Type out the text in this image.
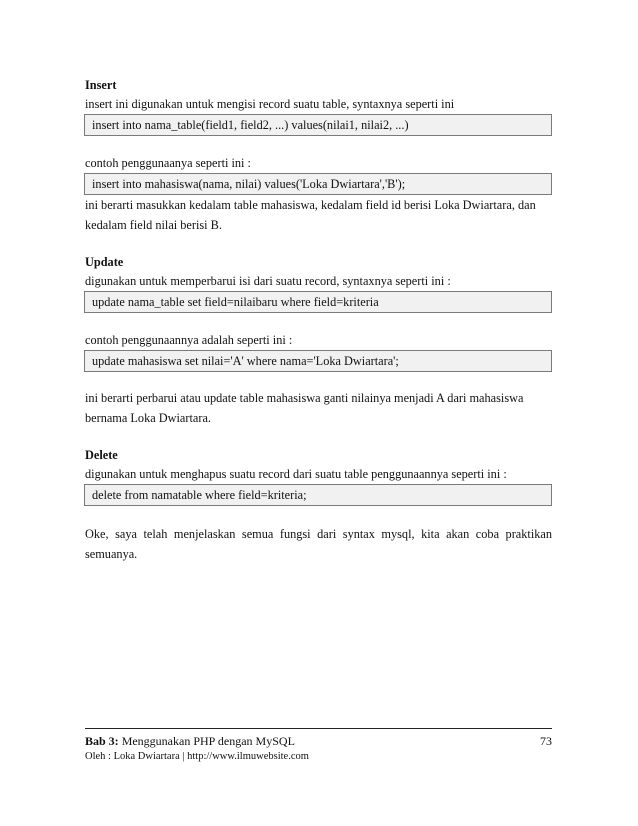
Insert
insert ini digunakan untuk mengisi record suatu table, syntaxnya seperti ini
insert into nama_table(field1, field2, ...) values(nilai1, nilai2, ...)
contoh penggunaanya seperti ini :
insert into mahasiswa(nama, nilai) values('Loka Dwiartara','B');
ini berarti masukkan kedalam table mahasiswa, kedalam field id berisi Loka Dwiartara, dan kedalam field nilai berisi B.
Update
digunakan untuk memperbarui isi dari suatu record, syntaxnya seperti ini :
update nama_table set field=nilaibaru where field=kriteria
contoh penggunaannya adalah seperti ini :
update mahasiswa set nilai='A' where nama='Loka Dwiartara';
ini berarti perbarui atau update table mahasiswa ganti nilainya menjadi A dari mahasiswa bernama Loka Dwiartara.
Delete
digunakan untuk menghapus suatu record dari suatu table penggunaannya seperti ini :
delete from namatable where field=kriteria;
Oke, saya telah menjelaskan semua fungsi dari syntax mysql, kita akan coba praktikan semuanya.
Bab 3: Menggunakan PHP dengan MySQL	73
Oleh : Loka Dwiartara | http://www.ilmuwebsite.com
